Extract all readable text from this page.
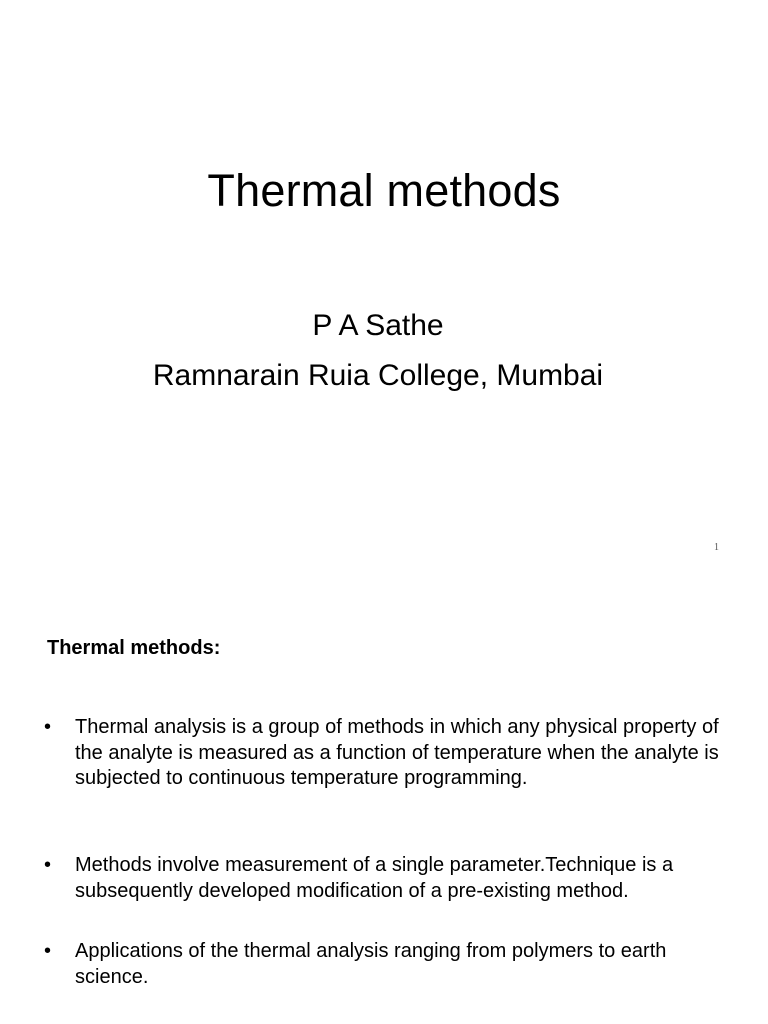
Thermal methods

P A Sathe

Ramnarain Ruia College, Mumbai

1
Thermal methods:
•	Thermal analysis is a group of methods in which any physical property of the analyte is measured as a function of temperature when the analyte is subjected to continuous temperature programming.
•	Methods involve measurement of a single parameter.Technique is a subsequently developed modification of a pre-existing method.
•	Applications of the thermal analysis ranging from polymers to earth science.
